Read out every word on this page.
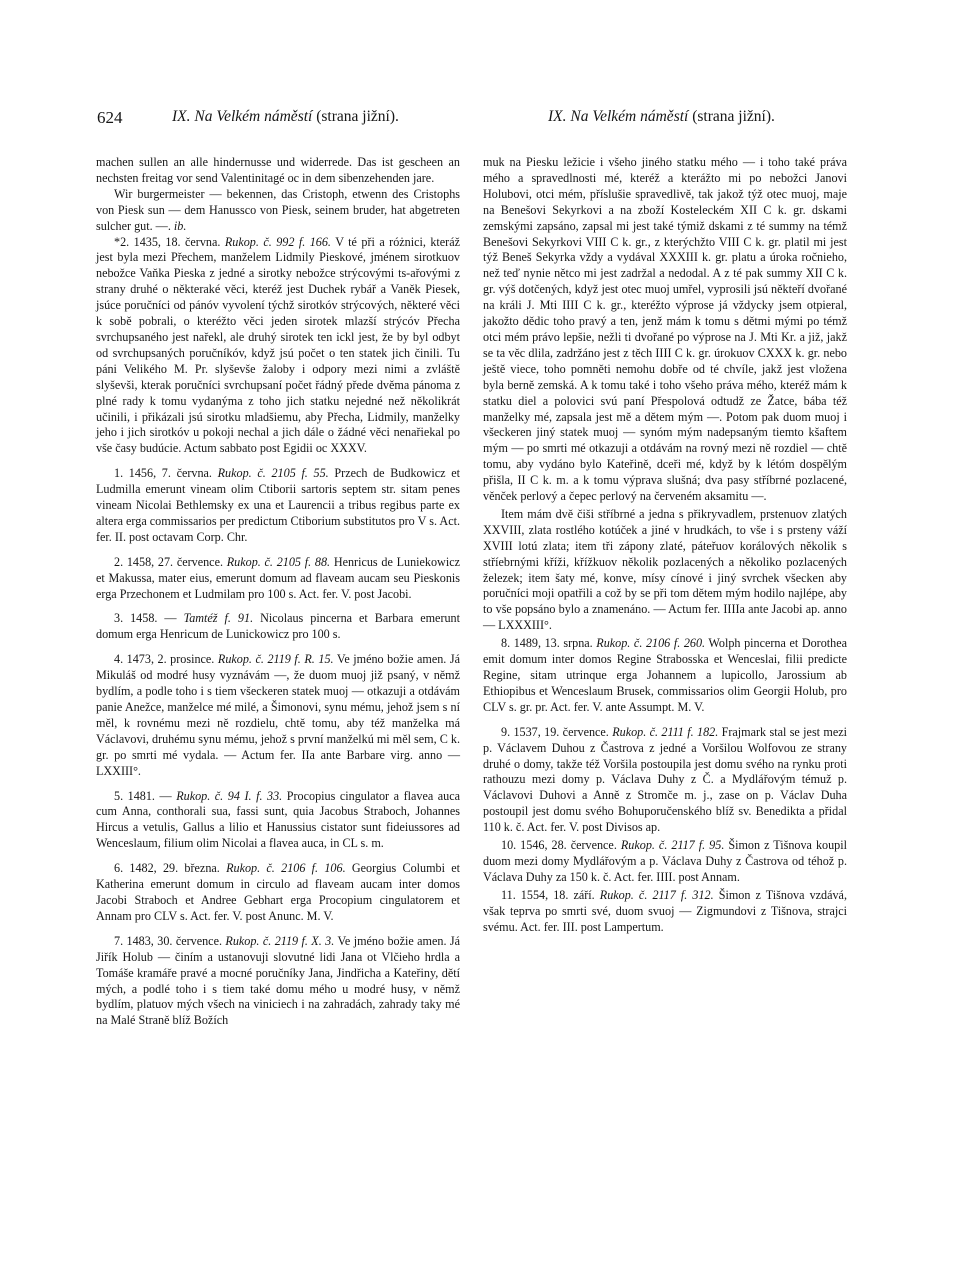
624	IX. Na Velkém náměstí (strana jižní).	IX. Na Velkém náměstí (strana jižní).

machen sullen an alle hindernusse und widerrede. Das ist gescheen an nechsten freitag vor send Valentinitagé oc in dem sibenzehenden jare.

Wir burgermeister — bekennen, das Cristoph, etwenn des Cristophs von Piesk sun — dem Hanussco von Piesk, seinem bruder, hat abgetreten sulcher gut. —. ib.

*2. 1435, 18. června. Rukop. č. 992 f. 166. V té při a różnici, kteráž jest byla mezi Přechem, manželem Lidmily Pieskové, jménem sirotkuov nebožce Vaňka Pieska z jedné a sirotky nebožce strýcovými ts-ařovými z strany druhé o některaké věci, kteréž jest Duchek rybář a Vaněk Piesek, jsúce poručníci od pánóv vyvolení týchž sirotkóv strýcových, některé věci k sobě pobrali, o kteréžto věci jeden sirotek mlazší strýcóv Přecha svrchupsaného jest nařekl, ale druhý sirotek ten ickl jest, že by byl odbyt od svrchupsaných poručníkóv, když jsú počet o ten statek jich činili. Tu páni Velikého M. Pr. slyševše žaloby i odpory mezi nimi a zvláště slyševši, kterak poručníci svrchupsaní počet řádný přede dvěma pánoma z plné rady k tomu vydanýma z toho jich statku nejedné než několikrát učinili, i přikázali jsú sirotku mladšiemu, aby Přecha, Lidmily, manželky jeho i jich sirotkóv u pokoji nechal a jich dále o žádné věci nenařiekal po vše časy budúcie. Actum sabbato post Egidii oc XXXV.

1. 1456, 7. června. Rukop. č. 2105 f. 55. Przech de Budkowicz et Ludmilla emerunt vineam olim Ctiborii sartoris septem str. sitam penes vineam Nicolai Bethlemsky ex una et Laurencii a tribus regibus parte ex altera erga commissarios per predictum Ctiborium substitutos pro V s. Act. fer. II. post octavam Corp. Chr.

2. 1458, 27. července. Rukop. č. 2105 f. 88. Henricus de Luniekowicz et Makussa, mater eius, emerunt domum ad flaveam aucam seu Pieskonis erga Przechonem et Ludmilam pro 100 s. Act. fer. V. post Jacobi.

3. 1458. — Tamtéž f. 91. Nicolaus pincerna et Barbara emerunt domum erga Henricum de Lunickowicz pro 100 s.

4. 1473, 2. prosince. Rukop. č. 2119 f. R. 15. Ve jméno božie amen. Já Mikuláš od modré husy vyznávám —, že duom muoj již psaný, v němž bydlím, a podle toho i s tiem všeckeren statek muoj — otkazuji a otdávám panie Anežce, manželce mé milé, a Šimonovi, synu mému, jehož jsem s ní měl, k rovnému mezi ně rozdielu, chtě tomu, aby též manželka má Václavovi, druhému synu mému, jehož s první manželkú mi měl sem, C k. gr. po smrti mé vydala. — Actum fer. IIa ante Barbare virg. anno — LXXIII°.

5. 1481. — Rukop. č. 94 I. f. 33. Procopius cingulator a flavea auca cum Anna, conthorali sua, fassi sunt, quia Jacobus Straboch, Johannes Hircus a vetulis, Gallus a lilio et Hanussius cistator sunt fideiussores ad Wenceslaum, filium olim Nicolai a flavea auca, in CL s. m.

6. 1482, 29. března. Rukop. č. 2106 f. 106. Georgius Columbi et Katherina emerunt domum in circulo ad flaveam aucam inter domos Jacobi Straboch et Andree Gebhart erga Procopium cingulatorem et Annam pro CLV s. Act. fer. V. post Anunc. M. V.

7. 1483, 30. července. Rukop. č. 2119 f. X. 3. Ve jméno božie amen. Já Jiřík Holub — činím a ustanovuji slovutné lidi Jana ot Vlčieho hrdla a Tomáše kramáře pravé a mocné poručníky Jana, Jindřicha a Kateřiny, dětí mých, a podlé toho i s tiem také domu mého u modré husy, v němž bydlím, platuov mých všech na viniciech i na zahradách, zahrady taky mé na Malé Straně blíž Božích

muk na Piesku ležicie i všeho jiného statku mého — i toho také práva mého a spravedlnosti mé, kteréž a kterážto mi po nebožci Janovi Holubovi, otci mém, příslušie spravedlivě, tak jakož týž otec muoj, maje na Benešovi Sekyrkovi a na zboží Kosteleckém XII C k. gr. dskami zemskými zapsáno, zapsal mi jest také týmiž dskami z té summy na témž Benešovi Sekyrkovi VIII C k. gr., z kterýchžto VIII C k. gr. platil mi jest týž Beneš Sekyrka vždy a vydával XXXIII k. gr. platu a úroka ročnieho, než teď nynie nětco mi jest zadržal a nedodal. A z té pak summy XII C k. gr. výš dotčených, když jest otec muoj umřel, vyprosili jsú někteří dvořané na králi J. Mti IIII C k. gr., kteréžto výprose já vždycky jsem otpieral, jakožto dědic toho pravý a ten, jenž mám k tomu s dětmi mými po témž otci mém právo lepšie, nežli ti dvořané po výprose na J. Mti Kr. a již, jakž se ta věc dlila, zadržáno jest z těch IIII C k. gr. úrokuov CXXX k. gr. nebo ještě viece, toho pomněti nemohu dobře od té chvíle, jakž jest vložena byla berně zemská. A k tomu také i toho všeho práva mého, kteréž mám k statku diel a polovici svú paní Přespolová odtudž ze Žatce, bába též manželky mé, zapsala jest mě a dětem mým —. Potom pak duom muoj i všeckeren jiný statek muoj — synóm mým nadepsaným tiemto kšaftem mým — po smrti mé otkazuji a otdávám na rovný mezi ně rozdiel — chtě tomu, aby vydáno bylo Kateřině, dceři mé, když by k létóm dospělým přišla, II C k. m. a k tomu výprava slušná; dva pasy stříbrné pozlacené, věnček perlový a čepec perlový na červeném aksamitu —.

Item mám dvě čiši stříbrné a jedna s přikryvadlem, prstenuov zlatých XXVIII, zlata rostlého kotúček a jiné v hrudkách, to vše i s prsteny váží XVIII lotú zlata; item tři zápony zlaté, páteřuov korálových několik s stříebrnými kříži, křížkuov několik pozlacených a několiko pozlacených železek; item šaty mé, konve, mísy cínové i jiný svrchek všecken aby poručníci moji opatřili a což by se při tom dětem mým hodilo najlépe, aby to vše popsáno bylo a znamenáno. — Actum fer. IIIIa ante Jacobi ap. anno — LXXXIII°.

8. 1489, 13. srpna. Rukop. č. 2106 f. 260. Wolph pincerna et Dorothea emit domum inter domos Regine Strabosska et Wenceslai, filii predicte Regine, sitam utrinque erga Johannem a lupicollo, Jarossium ab Ethiopibus et Wenceslaum Brusek, commissarios olim Georgii Holub, pro CLV s. gr. pr. Act. fer. V. ante Assumpt. M. V.

9. 1537, 19. července. Rukop. č. 2111 f. 182. Frajmark stal se jest mezi p. Václavem Duhou z Častrova z jedné a Voršilou Wolfovou ze strany druhé o domy, takže též Voršila postoupila jest domu svého na rynku proti rathouzu mezi domy p. Václava Duhy z Č. a Mydlářovým témuž p. Václavovi Duhovi a Anně z Stromče m. j., zase on p. Václav Duha postoupil jest domu svého Bohuporučenského blíž sv. Benedikta a přidal 110 k. č. Act. fer. V. post Divisos ap.

10. 1546, 28. července. Rukop. č. 2117 f. 95. Šimon z Tišnova koupil duom mezi domy Mydlářovým a p. Václava Duhy z Častrova od téhož p. Václava Duhy za 150 k. č. Act. fer. IIII. post Annam.

11. 1554, 18. září. Rukop. č. 2117 f. 312. Šimon z Tišnova vzdává, však teprva po smrti své, duom svuoj — Zigmundovi z Tišnova, strajci svému. Act. fer. III. post Lampertum.
